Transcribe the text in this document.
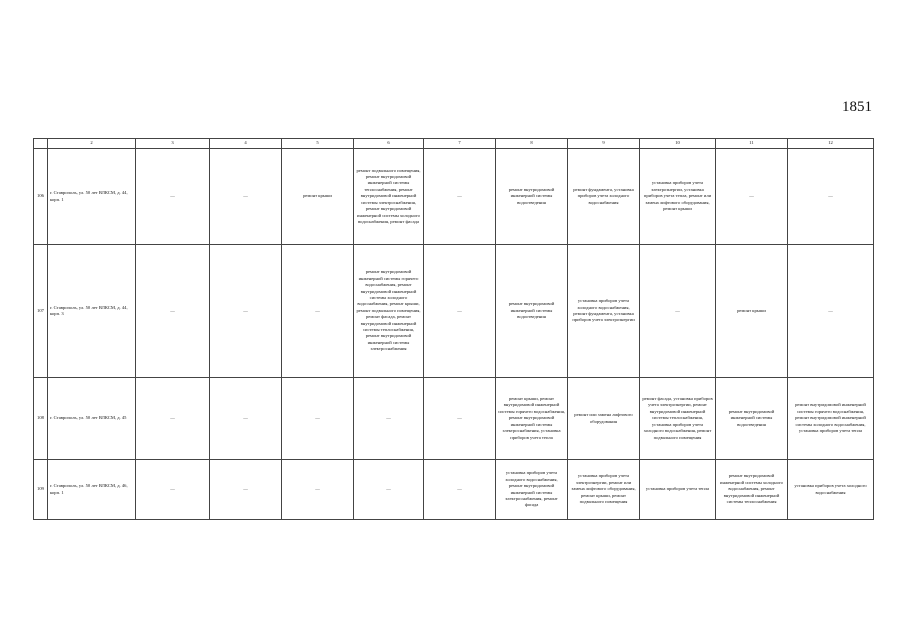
1851
	2	3	4	5	6	7	8	9	10	11	12
106	г. Ставрополь, ул. 50 лет ВЛКСМ, д. 44, корп. 1	—	—	ремонт крыши	ремонт подвального помещения, ремонт внутридомовой инженерной системы теплоснабжения, ремонт внутридомовой инженерной системы электроснабжения, ремонт внутридомовой инженерной системы холодного водоснабжения, ремонт фасада	—	ремонт внутридомовой инженерной системы водоотведения	ремонт фундамента, установка приборов учета холодного водоснабжения	установка приборов учета электроэнергии, установка приборов учета тепла, ремонт или замена лифтового оборудования, ремонт крыши	—	—
107	г. Ставрополь, ул. 50 лет ВЛКСМ, д. 44, корп. 3	—	—	—	ремонт внутридомовой инженерной системы горячего водоснабжения, ремонт внутридомовой инженерной системы холодного водоснабжения, ремонт крыши, ремонт подвального помещения, ремонт фасада, ремонт внутридомовой инженерной системы теплоснабжения, ремонт внутридомовой инженерной системы электроснабжения	—	ремонт внутридомовой инженерной системы водоотведения	установка приборов учета холодного водоснабжения, ремонт фундамента, установка приборов учета электроэнергии	—	ремонт крыши	—
108	г. Ставрополь, ул. 50 лет ВЛКСМ, д. 45	—	—	—	—	—	ремонт крыши, ремонт внутридомовой инженерной системы горячего водоснабжения, ремонт внутридомовой инженерной системы электроснабжения, установка приборов учета тепла	ремонт или замена лифтового оборудования	ремонт фасада, установка приборов учета электроэнергии, ремонт внутридомовой инженерной системы теплоснабжения, установка приборов учета холодного водоснабжения, ремонт подвального помещения	ремонт внутридомовой инженерной системы водоотведения	ремонт внутридомовой инженерной системы горячего водоснабжения, ремонт внутридомовой инженерной системы холодного водоснабжения, установка приборов учета тепла
109	г. Ставрополь, ул. 50 лет ВЛКСМ, д. 46, корп. 1	—	—	—	—	—	установка приборов учета холодного водоснабжения, ремонт внутридомовой инженерной системы электроснабжения, ремонт фасада	установка приборов учета электроэнергии, ремонт или замена лифтового оборудования, ремонт крыши, ремонт подвального помещения	установка приборов учета тепла	ремонт внутридомовой инженерной системы холодного водоснабжения, ремонт внутридомовой инженерной системы теплоснабжения	установка приборов учета холодного водоснабжения
